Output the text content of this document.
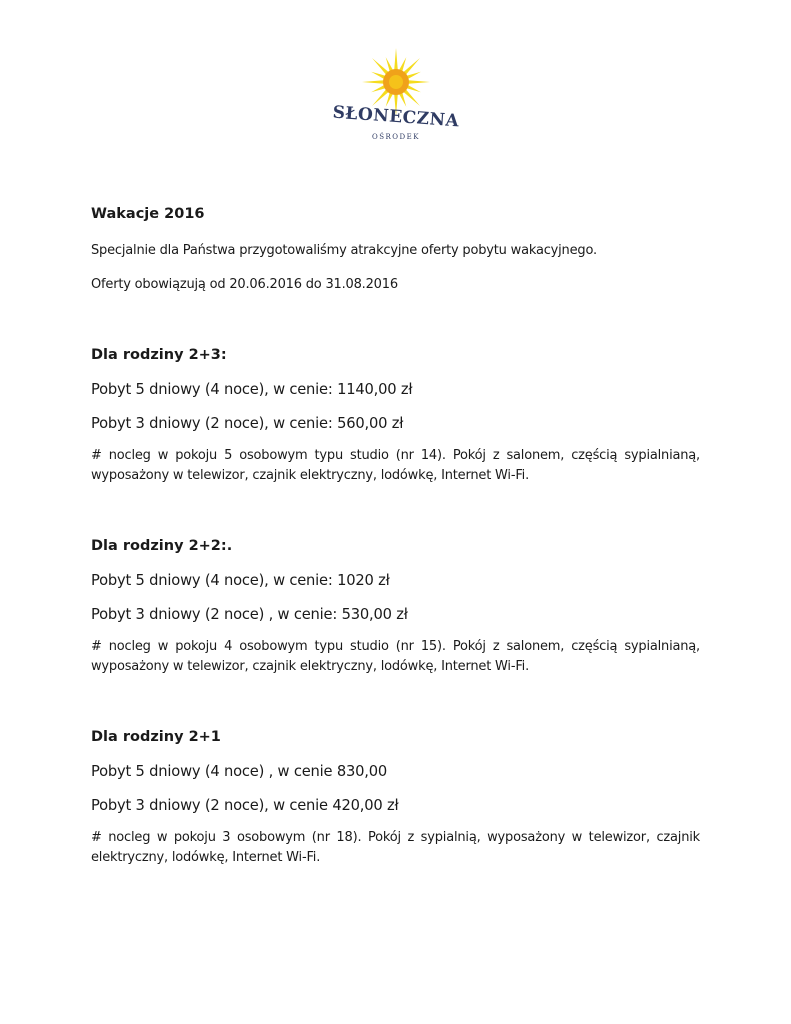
SŁONECZNA
OŚRODEK

Wakacje 2016

Specjalnie dla Państwa przygotowaliśmy atrakcyjne oferty pobytu wakacyjnego.

Oferty obowiązują od 20.06.2016 do 31.08.2016

Dla rodziny 2+3:

Pobyt 5 dniowy (4 noce), w cenie: 1140,00 zł

Pobyt 3 dniowy (2 noce), w cenie: 560,00 zł

# nocleg w pokoju 5 osobowym typu studio (nr 14). Pokój z salonem, częścią sypialnianą, wyposażony w telewizor, czajnik elektryczny, lodówkę, Internet Wi-Fi.

Dla rodziny 2+2:.

Pobyt 5 dniowy (4 noce), w cenie: 1020 zł

Pobyt 3 dniowy (2 noce) , w cenie: 530,00 zł

# nocleg w pokoju 4 osobowym typu studio (nr 15). Pokój z salonem, częścią sypialnianą, wyposażony w telewizor, czajnik elektryczny, lodówkę, Internet Wi-Fi.

Dla rodziny 2+1

Pobyt 5 dniowy (4 noce) , w cenie 830,00

Pobyt 3 dniowy (2 noce), w cenie 420,00 zł

# nocleg w pokoju 3 osobowym (nr 18). Pokój z sypialnią, wyposażony w telewizor, czajnik elektryczny, lodówkę, Internet Wi-Fi.
